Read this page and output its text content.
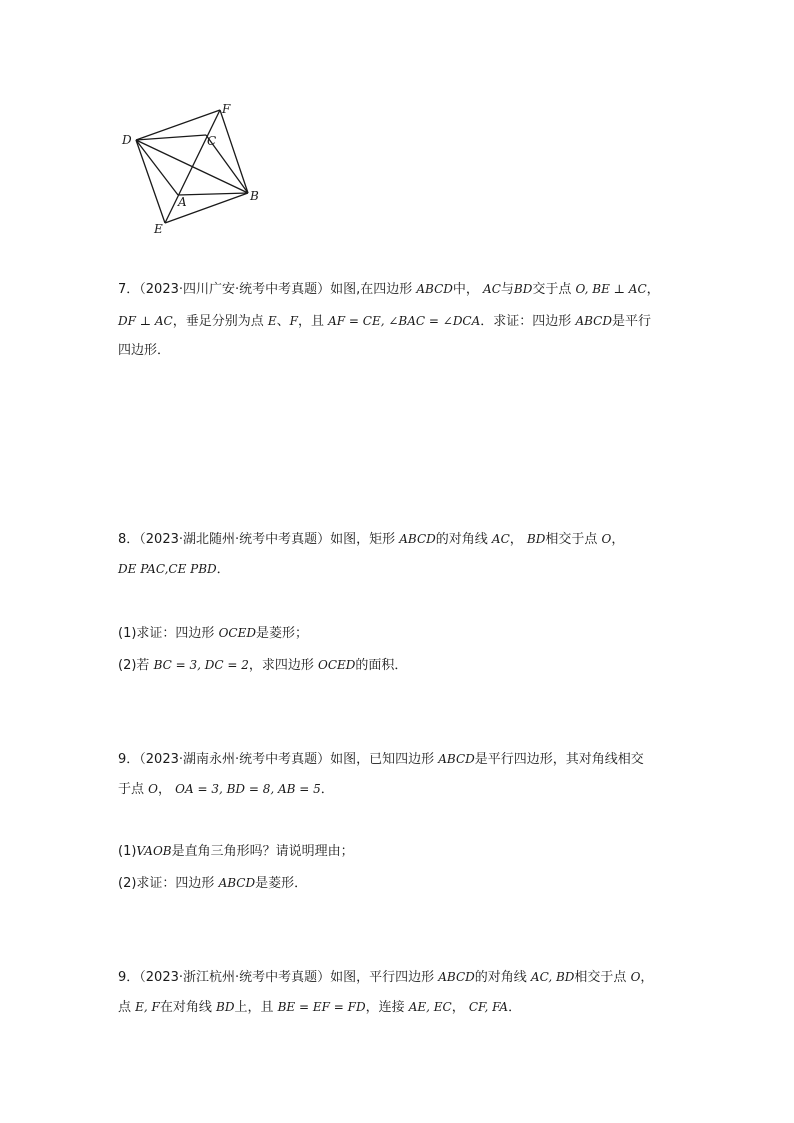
D
F
C
A	B
E
7．（2023·四川广安·统考中考真题）如图,在四边形 ABCD中， AC与BD交于点 O, BE ⊥ AC，
DF ⊥ AC，垂足分别为点 E、F，且 AF = CE, ∠BAC = ∠DCA．求证：四边形 ABCD是平行
四边形．
8．（2023·湖北随州·统考中考真题）如图，矩形 ABCD的对角线 AC， BD相交于点 O，
DE PAC,CE PBD．
(1)求证：四边形 OCED是菱形；
(2)若 BC = 3, DC = 2，求四边形 OCED的面积．
9．（2023·湖南永州·统考中考真题）如图，已知四边形 ABCD是平行四边形，其对角线相交
于点 O， OA = 3, BD = 8, AB = 5．
(1)VAOB是直角三角形吗？请说明理由；
(2)求证：四边形 ABCD是菱形．
9．（2023·浙江杭州·统考中考真题）如图，平行四边形 ABCD的对角线 AC, BD相交于点 O，
点 E, F在对角线 BD上，且 BE = EF = FD，连接 AE, EC， CF, FA．
